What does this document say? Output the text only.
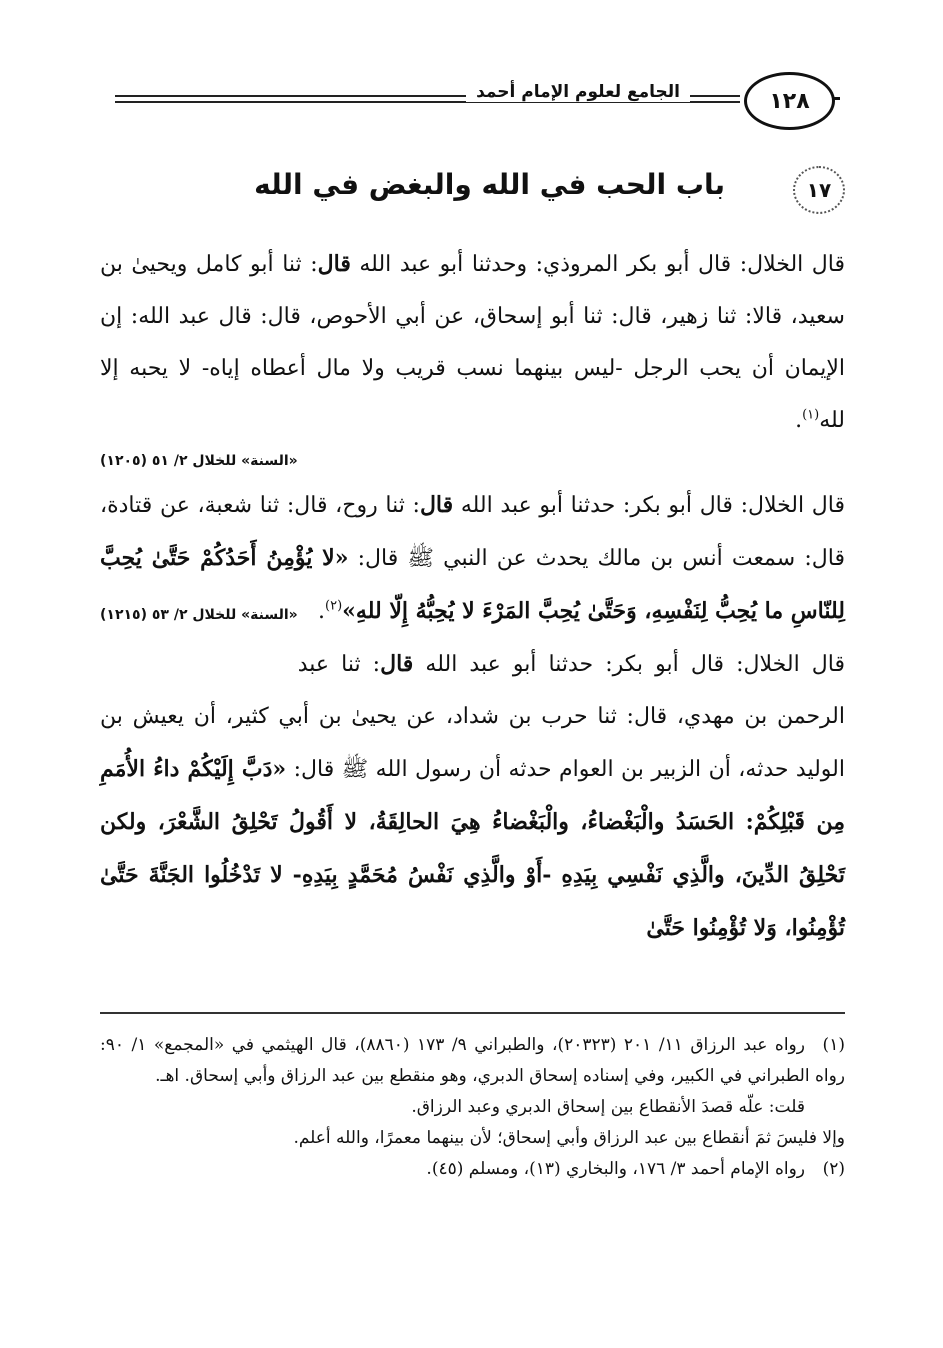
الجامع لعلوم الإمام أحمد	١٢٨
١٧
باب الحب في الله والبغض في الله

قال الخلال: قال أبو بكر المروذي: وحدثنا أبو عبد الله قال: ثنا أبو كامل ويحيىٰ بن سعيد، قالا: ثنا زهير، قال: ثنا أبو إسحاق، عن أبي الأحوص، قال: قال عبد الله: إن الإيمان أن يحب الرجل -ليس بينهما نسب قريب ولا مال أعطاه إياه- لا يحبه إلا لله$^{(١)}$.

«السنة» للخلال ٢/ ٥١ (١٢٠٥)

قال الخلال: قال أبو بكر: حدثنا أبو عبد الله قال: ثنا روح، قال: ثنا شعبة، عن قتادة، قال: سمعت أنس بن مالك يحدث عن النبي ﷺ قال: «لا يُؤْمِنُ أَحَدُكُمْ حَتَّىٰ يُحِبَّ لِلنّاسِ ما يُحِبُّ لِنَفْسِهِ، وَحَتَّىٰ يُحِبَّ المَرْءَ لا يُحِبُّهُ إِلّا للهِ»$^{(٢)}$.
«السنة» للخلال ٢/ ٥٣ (١٢١٥)

قال الخلال: قال أبو بكر: حدثنا أبو عبد الله قال: ثنا عبد الرحمن بن مهدي، قال: ثنا حرب بن شداد، عن يحيىٰ بن أبي كثير، أن يعيش بن الوليد حدثه، أن الزبير بن العوام حدثه أن رسول الله ﷺ قال: «دَبَّ إِلَيْكُمْ داءُ الأُمَمِ مِن قَبْلِكُمْ: الحَسَدُ والْبَغْضاءُ، والْبَغْضاءُ هِيَ الحالِقَةُ، لا أَقُولُ تَحْلِقُ الشَّعْرَ، ولكن تَحْلِقُ الدِّينَ، والَّذِي نَفْسِي بِيَدِهِ -أَوْ والَّذِي نَفْسُ مُحَمَّدٍ بِيَدِهِ- لا تَدْخُلُوا الجَنَّةَ حَتَّىٰ تُؤْمِنُوا، وَلا تُؤْمِنُوا حَتَّىٰ

(١)رواه عبد الرزاق ١١/ ٢٠١ (٢٠٣٢٣)، والطبراني ٩/ ١٧٣ (٨٨٦٠)، قال الهيثمي في «المجمع» ١/ ٩٠: رواه الطبراني في الكبير، وفي إسناده إسحاق الدبري، وهو منقطع بين عبد الرزاق وأبي إسحاق. اهـ.

قلت: علّه قصدَ الأنقطاع بين إسحاق الدبري وعبد الرزاق.

وإلا فليسَ ثمَ أنقطاع بين عبد الرزاق وأبي إسحاق؛ لأن بينهما معمرًا، والله أعلم.

(٢)رواه الإمام أحمد ٣/ ١٧٦، والبخاري (١٣)، ومسلم (٤٥).
